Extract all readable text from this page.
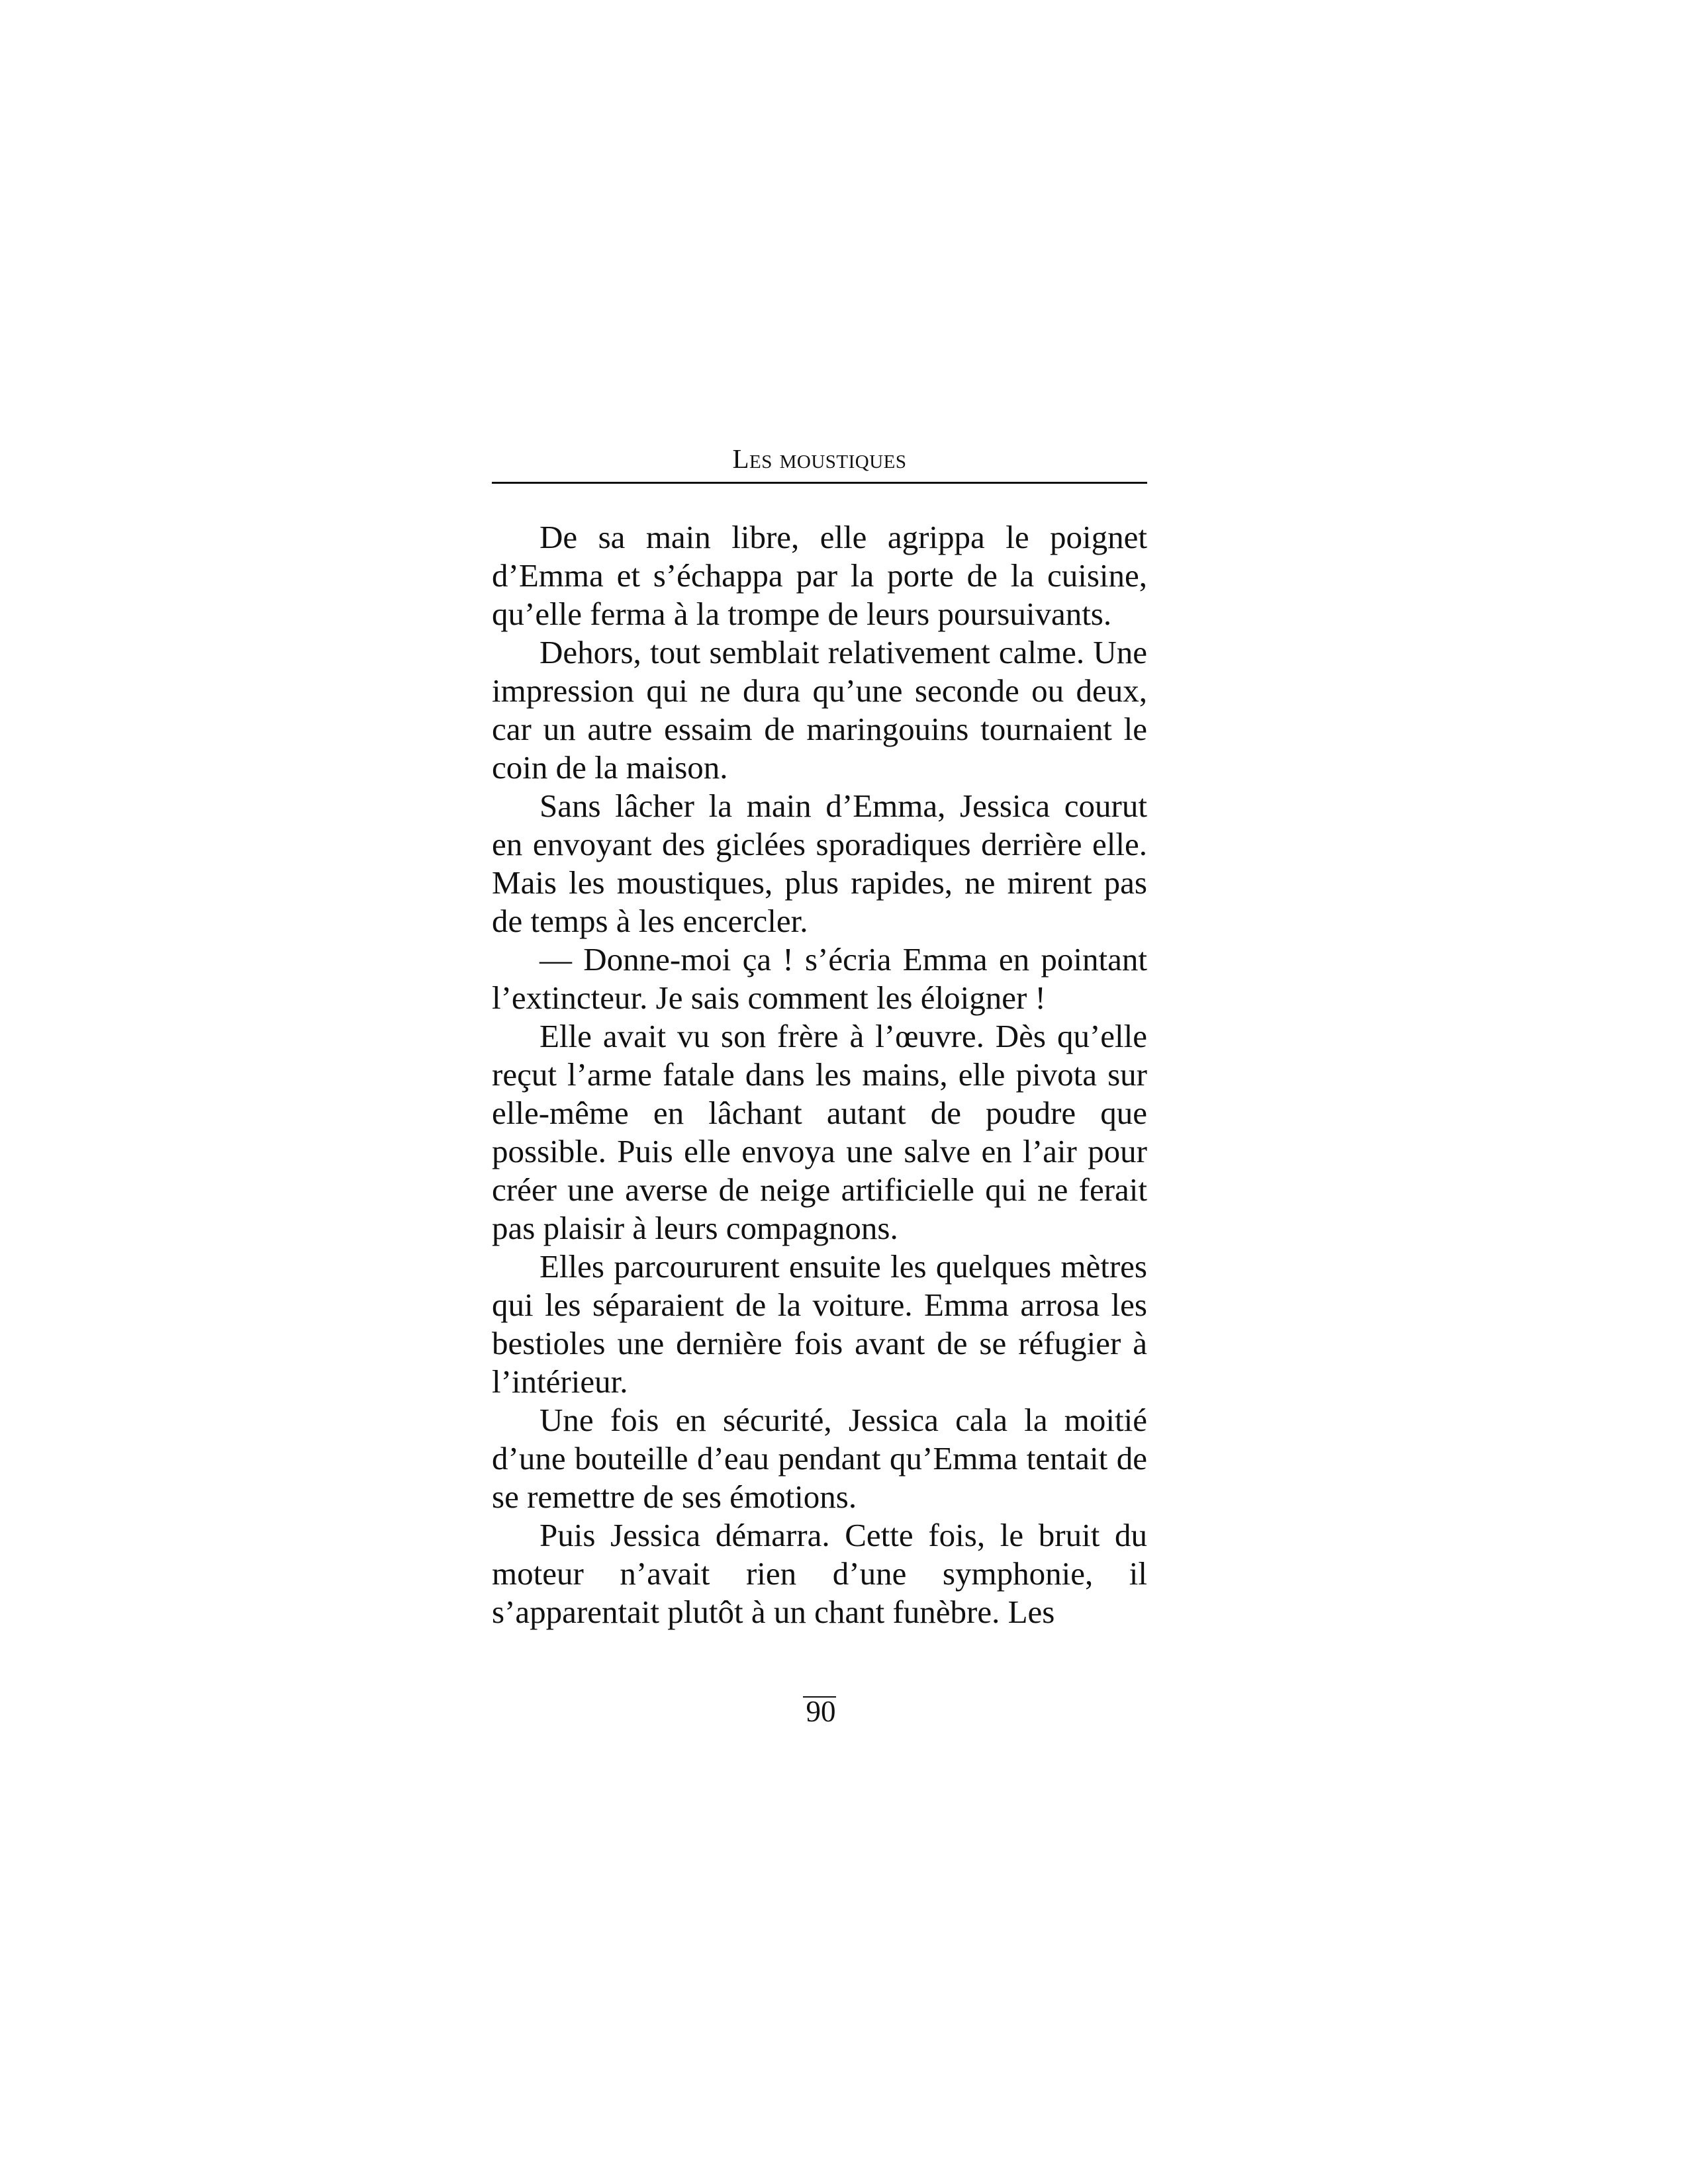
Les moustiques

De sa main libre, elle agrippa le poignet d’Emma et s’échappa par la porte de la cuisine, qu’elle ferma à la trompe de leurs poursuivants.

Dehors, tout semblait relativement calme. Une impression qui ne dura qu’une seconde ou deux, car un autre essaim de maringouins tournaient le coin de la maison.

Sans lâcher la main d’Emma, Jessica courut en envoyant des giclées sporadiques derrière elle. Mais les moustiques, plus rapides, ne mirent pas de temps à les encercler.

— Donne-moi ça ! s’écria Emma en pointant l’extincteur. Je sais comment les éloigner !

Elle avait vu son frère à l’œuvre. Dès qu’elle reçut l’arme fatale dans les mains, elle pivota sur elle-même en lâchant autant de poudre que possible. Puis elle envoya une salve en l’air pour créer une averse de neige artificielle qui ne ferait pas plaisir à leurs compagnons.

Elles parcoururent ensuite les quelques mètres qui les séparaient de la voiture. Emma arrosa les bestioles une dernière fois avant de se réfugier à l’intérieur.

Une fois en sécurité, Jessica cala la moitié d’une bouteille d’eau pendant qu’Emma tentait de se remettre de ses émotions.

Puis Jessica démarra. Cette fois, le bruit du moteur n’avait rien d’une symphonie, il s’apparentait plutôt à un chant funèbre. Les

90
